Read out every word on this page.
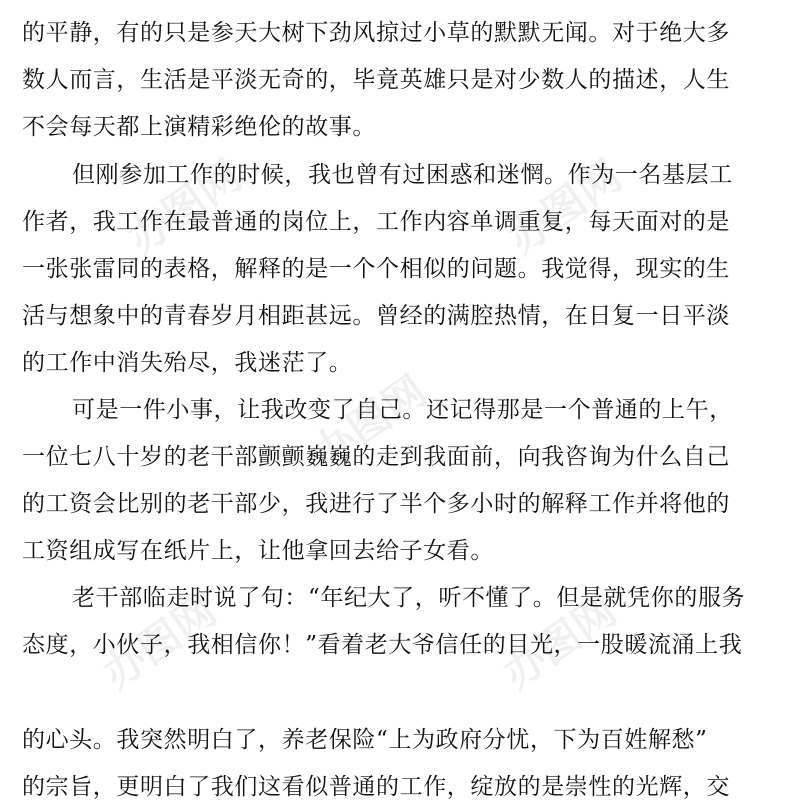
办图网
办图网
办图网
办图网
办图网
的平静，有的只是参天大树下劲风掠过小草的默默无闻。对于绝大多
数人而言，生活是平淡无奇的，毕竟英雄只是对少数人的描述，人生
不会每天都上演精彩绝伦的故事。
但刚参加工作的时候，我也曾有过困惑和迷惘。作为一名基层工
作者，我工作在最普通的岗位上，工作内容单调重复，每天面对的是
一张张雷同的表格，解释的是一个个相似的问题。我觉得，现实的生
活与想象中的青春岁月相距甚远。曾经的满腔热情，在日复一日平淡
的工作中消失殆尽，我迷茫了。
可是一件小事，让我改变了自己。还记得那是一个普通的上午，
一位七八十岁的老干部颤颤巍巍的走到我面前，向我咨询为什么自己
的工资会比别的老干部少，我进行了半个多小时的解释工作并将他的
工资组成写在纸片上，让他拿回去给子女看。
老干部临走时说了句：“年纪大了，听不懂了。但是就凭你的服务
态度，小伙子，我相信你！”看着老大爷信任的目光，一股暖流涌上我
的心头。我突然明白了，养老保险“上为政府分忧，下为百姓解愁”
的宗旨，更明白了我们这看似普通的工作，绽放的是崇性的光辉，交
